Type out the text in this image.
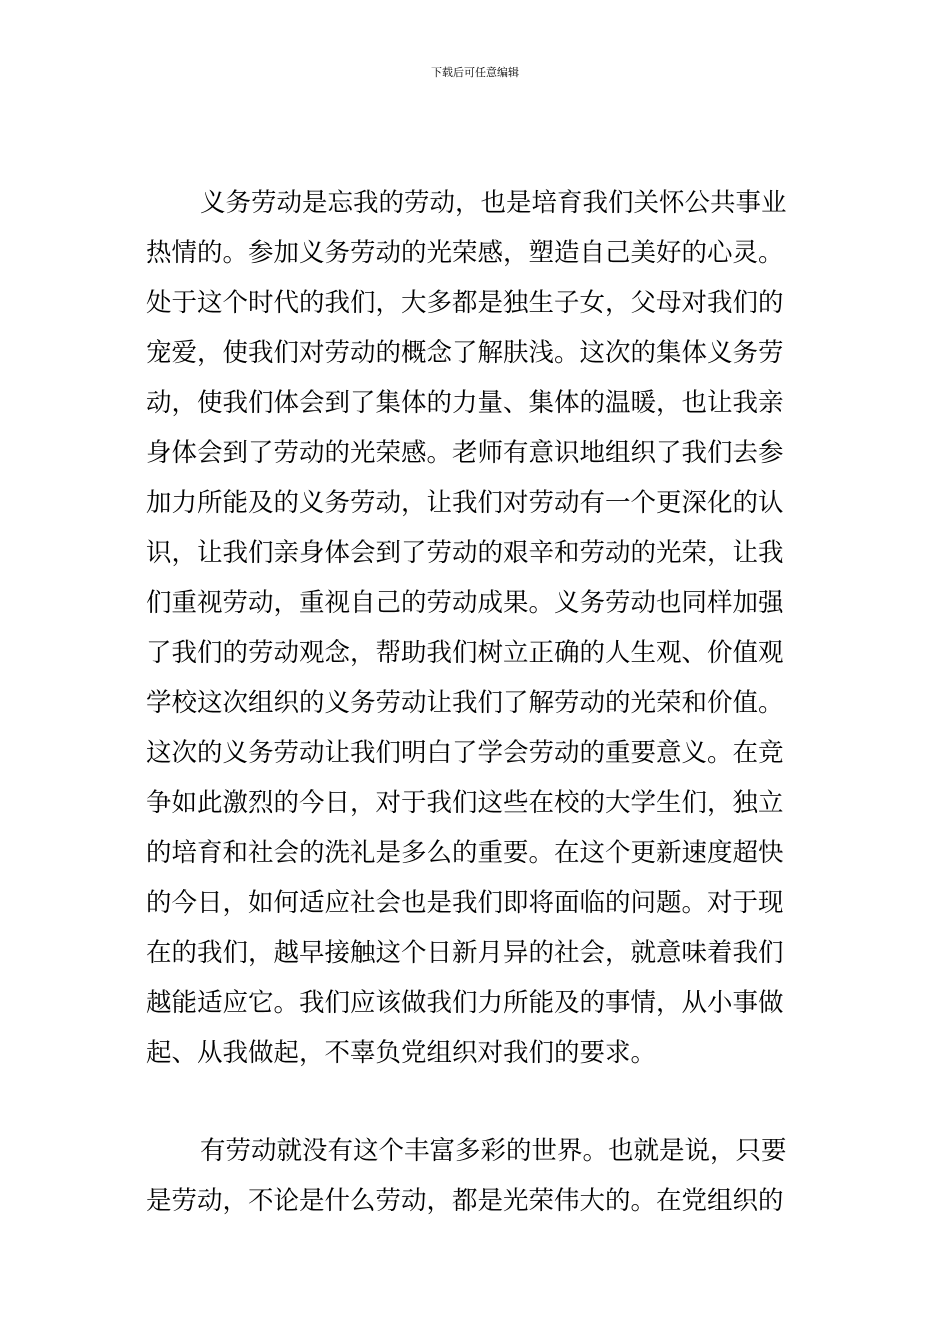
下载后可任意编辑
义务劳动是忘我的劳动，也是培育我们关怀公共事业
热情的。参加义务劳动的光荣感，塑造自己美好的心灵。
处于这个时代的我们，大多都是独生子女，父母对我们的
宠爱，使我们对劳动的概念了解肤浅。这次的集体义务劳
动，使我们体会到了集体的力量、集体的温暖，也让我亲
身体会到了劳动的光荣感。老师有意识地组织了我们去参
加力所能及的义务劳动，让我们对劳动有一个更深化的认
识，让我们亲身体会到了劳动的艰辛和劳动的光荣，让我
们重视劳动，重视自己的劳动成果。义务劳动也同样加强
了我们的劳动观念，帮助我们树立正确的人生观、价值观
学校这次组织的义务劳动让我们了解劳动的光荣和价值。
这次的义务劳动让我们明白了学会劳动的重要意义。在竞
争如此激烈的今日，对于我们这些在校的大学生们，独立
的培育和社会的洗礼是多么的重要。在这个更新速度超快
的今日，如何适应社会也是我们即将面临的问题。对于现
在的我们，越早接触这个日新月异的社会，就意味着我们
越能适应它。我们应该做我们力所能及的事情，从小事做
起、从我做起，不辜负党组织对我们的要求。
有劳动就没有这个丰富多彩的世界。也就是说，只要
是劳动，不论是什么劳动，都是光荣伟大的。在党组织的
